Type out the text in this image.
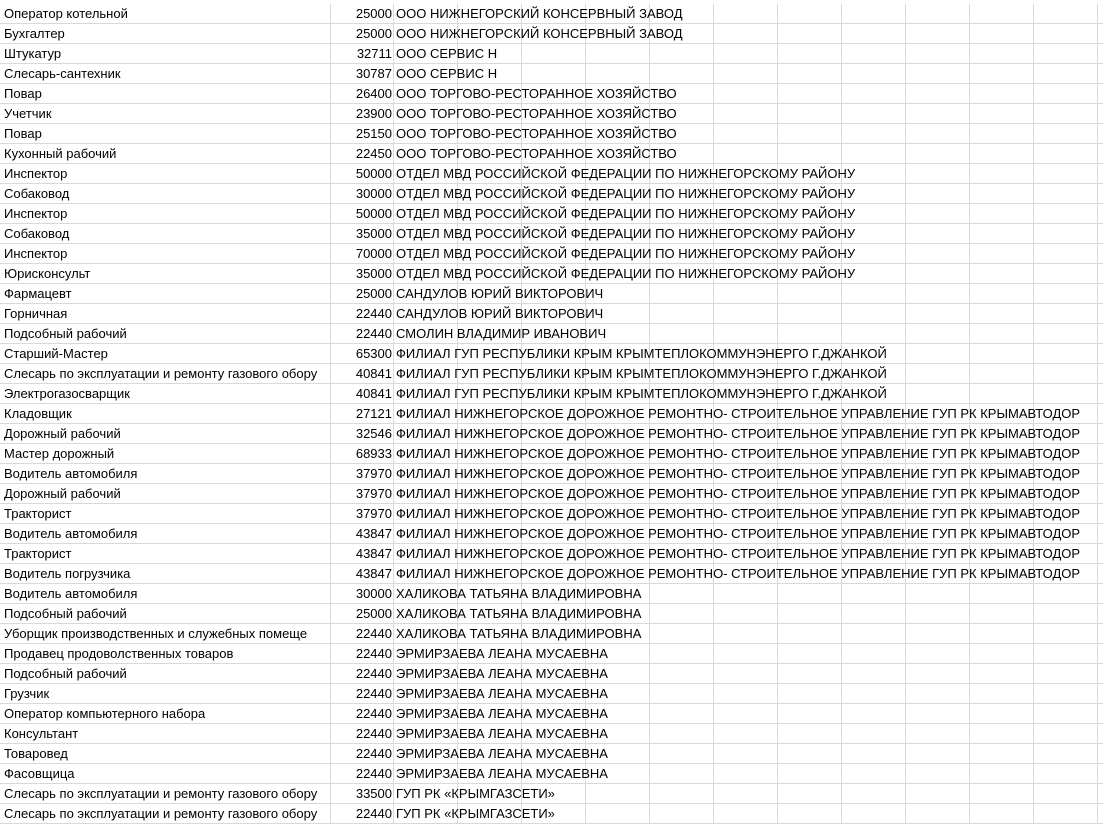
Оператор котельной	25000 ООО НИЖНЕГОРСКИЙ КОНСЕРВНЫЙ ЗАВОД
Бухгалтер	25000 ООО НИЖНЕГОРСКИЙ КОНСЕРВНЫЙ ЗАВОД
Штукатур	32711 ООО СЕРВИС Н
Слесарь-сантехник	30787 ООО СЕРВИС Н
Повар	26400 ООО ТОРГОВО-РЕСТОРАННОЕ ХОЗЯЙСТВО
Учетчик	23900 ООО ТОРГОВО-РЕСТОРАННОЕ ХОЗЯЙСТВО
Повар	25150 ООО ТОРГОВО-РЕСТОРАННОЕ ХОЗЯЙСТВО
Кухонный рабочий	22450 ООО ТОРГОВО-РЕСТОРАННОЕ ХОЗЯЙСТВО
Инспектор	50000 ОТДЕЛ МВД РОССИЙСКОЙ ФЕДЕРАЦИИ ПО НИЖНЕГОРСКОМУ РАЙОНУ
Собаковод	30000 ОТДЕЛ МВД РОССИЙСКОЙ ФЕДЕРАЦИИ ПО НИЖНЕГОРСКОМУ РАЙОНУ
Инспектор	50000 ОТДЕЛ МВД РОССИЙСКОЙ ФЕДЕРАЦИИ ПО НИЖНЕГОРСКОМУ РАЙОНУ
Собаковод	35000 ОТДЕЛ МВД РОССИЙСКОЙ ФЕДЕРАЦИИ ПО НИЖНЕГОРСКОМУ РАЙОНУ
Инспектор	70000 ОТДЕЛ МВД РОССИЙСКОЙ ФЕДЕРАЦИИ ПО НИЖНЕГОРСКОМУ РАЙОНУ
Юрисконсульт	35000 ОТДЕЛ МВД РОССИЙСКОЙ ФЕДЕРАЦИИ ПО НИЖНЕГОРСКОМУ РАЙОНУ
Фармацевт	25000 САНДУЛОВ ЮРИЙ ВИКТОРОВИЧ
Горничная	22440 САНДУЛОВ ЮРИЙ ВИКТОРОВИЧ
Подсобный рабочий	22440 СМОЛИН ВЛАДИМИР ИВАНОВИЧ
Старший-Мастер	65300 ФИЛИАЛ ГУП РЕСПУБЛИКИ КРЫМ КРЫМТЕПЛОКОММУНЭНЕРГО Г.ДЖАНКОЙ
Слесарь по эксплуатации и ремонту газового обору	40841 ФИЛИАЛ ГУП РЕСПУБЛИКИ КРЫМ КРЫМТЕПЛОКОММУНЭНЕРГО Г.ДЖАНКОЙ
Электрогазосварщик	40841 ФИЛИАЛ ГУП РЕСПУБЛИКИ КРЫМ КРЫМТЕПЛОКОММУНЭНЕРГО Г.ДЖАНКОЙ
Кладовщик	27121 ФИЛИАЛ НИЖНЕГОРСКОЕ ДОРОЖНОЕ РЕМОНТНО- СТРОИТЕЛЬНОЕ УПРАВЛЕНИЕ ГУП РК КРЫМАВТОДОР
Дорожный рабочий	32546 ФИЛИАЛ НИЖНЕГОРСКОЕ ДОРОЖНОЕ РЕМОНТНО- СТРОИТЕЛЬНОЕ УПРАВЛЕНИЕ ГУП РК КРЫМАВТОДОР
Мастер дорожный	68933 ФИЛИАЛ НИЖНЕГОРСКОЕ ДОРОЖНОЕ РЕМОНТНО- СТРОИТЕЛЬНОЕ УПРАВЛЕНИЕ ГУП РК КРЫМАВТОДОР
Водитель автомобиля	37970 ФИЛИАЛ НИЖНЕГОРСКОЕ ДОРОЖНОЕ РЕМОНТНО- СТРОИТЕЛЬНОЕ УПРАВЛЕНИЕ ГУП РК КРЫМАВТОДОР
Дорожный рабочий	37970 ФИЛИАЛ НИЖНЕГОРСКОЕ ДОРОЖНОЕ РЕМОНТНО- СТРОИТЕЛЬНОЕ УПРАВЛЕНИЕ ГУП РК КРЫМАВТОДОР
Тракторист	37970 ФИЛИАЛ НИЖНЕГОРСКОЕ ДОРОЖНОЕ РЕМОНТНО- СТРОИТЕЛЬНОЕ УПРАВЛЕНИЕ ГУП РК КРЫМАВТОДОР
Водитель автомобиля	43847 ФИЛИАЛ НИЖНЕГОРСКОЕ ДОРОЖНОЕ РЕМОНТНО- СТРОИТЕЛЬНОЕ УПРАВЛЕНИЕ ГУП РК КРЫМАВТОДОР
Тракторист	43847 ФИЛИАЛ НИЖНЕГОРСКОЕ ДОРОЖНОЕ РЕМОНТНО- СТРОИТЕЛЬНОЕ УПРАВЛЕНИЕ ГУП РК КРЫМАВТОДОР
Водитель погрузчика	43847 ФИЛИАЛ НИЖНЕГОРСКОЕ ДОРОЖНОЕ РЕМОНТНО- СТРОИТЕЛЬНОЕ УПРАВЛЕНИЕ ГУП РК КРЫМАВТОДОР
Водитель автомобиля	30000 ХАЛИКОВА ТАТЬЯНА ВЛАДИМИРОВНА
Подсобный рабочий	25000 ХАЛИКОВА ТАТЬЯНА ВЛАДИМИРОВНА
Уборщик производственных и служебных помеще	22440 ХАЛИКОВА ТАТЬЯНА ВЛАДИМИРОВНА
Продавец продоволственных товаров	22440 ЭРМИРЗАЕВА ЛЕАНА МУСАЕВНА
Подсобный рабочий	22440 ЭРМИРЗАЕВА ЛЕАНА МУСАЕВНА
Грузчик	22440 ЭРМИРЗАЕВА ЛЕАНА МУСАЕВНА
Оператор компьютерного набора	22440 ЭРМИРЗАЕВА ЛЕАНА МУСАЕВНА
Консультант	22440 ЭРМИРЗАЕВА ЛЕАНА МУСАЕВНА
Товаровед	22440 ЭРМИРЗАЕВА ЛЕАНА МУСАЕВНА
Фасовщица	22440 ЭРМИРЗАЕВА ЛЕАНА МУСАЕВНА
Слесарь по эксплуатации и ремонту газового обору	33500 ГУП РК «КРЫМГАЗСЕТИ»
Слесарь по эксплуатации и ремонту газового обору	22440 ГУП РК «КРЫМГАЗСЕТИ»
